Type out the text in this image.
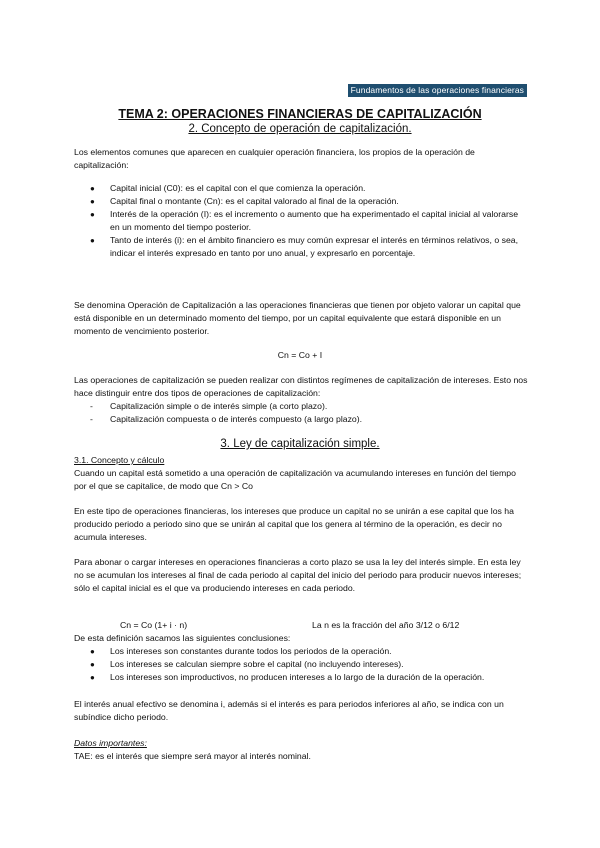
Fundamentos de las operaciones financieras
TEMA 2: OPERACIONES FINANCIERAS DE CAPITALIZACIÓN
2. Concepto de operación de capitalización.

Los elementos comunes que aparecen en cualquier operación financiera, los propios de la operación de capitalización:

● Capital inicial (C0): es el capital con el que comienza la operación.

● Capital final o montante (Cn): es el capital valorado al final de la operación.

● Interés de la operación (I): es el incremento o aumento que ha experimentado el capital inicial al valorarse en un momento del tiempo posterior.

● Tanto de interés (i): en el ámbito financiero es muy común expresar el interés en términos relativos, o sea, indicar el interés expresado en tanto por uno anual, y expresarlo en porcentaje.

Se denomina Operación de Capitalización a las operaciones financieras que tienen por objeto valorar un capital que está disponible en un determinado momento del tiempo, por un capital equivalente que estará disponible en un momento de vencimiento posterior.

Cn = Co + I

Las operaciones de capitalización se pueden realizar con distintos regímenes de capitalización de intereses. Esto nos hace distinguir entre dos tipos de operaciones de capitalización:

- Capitalización simple o de interés simple (a corto plazo).

- Capitalización compuesta o de interés compuesto (a largo plazo).

3. Ley de capitalización simple.
3.1. Concepto y cálculo

Cuando un capital está sometido a una operación de capitalización va acumulando intereses en función del tiempo por el que se capitalice, de modo que Cn > Co

En este tipo de operaciones financieras, los intereses que produce un capital no se unirán a ese capital que los ha producido periodo a periodo sino que se unirán al capital que los genera al término de la operación, es decir no acumula intereses.

Para abonar o cargar intereses en operaciones financieras a corto plazo se usa la ley del interés simple. En esta ley no se acumulan los intereses al final de cada periodo al capital del inicio del periodo para producir nuevos intereses; sólo el capital inicial es el que va produciendo intereses en cada periodo.

Cn = Co (1+ i · n)	La n es la fracción del año 3/12 o 6/12

De esta definición sacamos las siguientes conclusiones:

● Los intereses son constantes durante todos los periodos de la operación.

● Los intereses se calculan siempre sobre el capital (no incluyendo intereses).

● Los intereses son improductivos, no producen intereses a lo largo de la duración de la operación.

El interés anual efectivo se denomina i, además si el interés es para periodos inferiores al año, se indica con un subíndice dicho periodo.

Datos importantes:

TAE: es el interés que siempre será mayor al interés nominal.
